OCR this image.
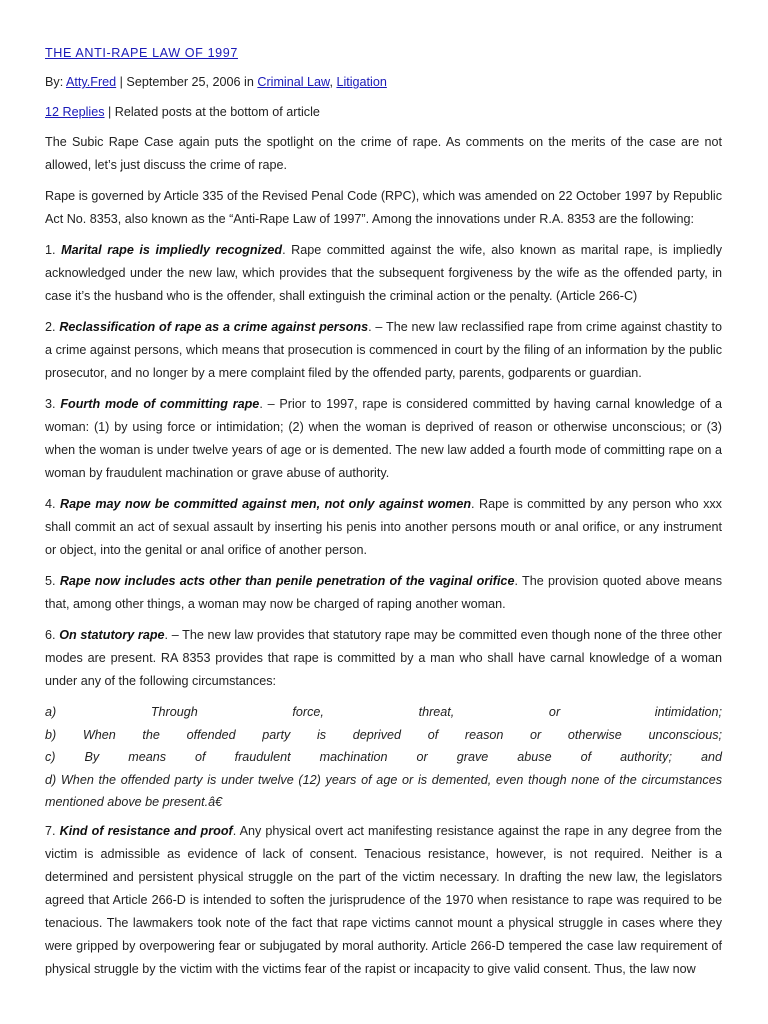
THE ANTI-RAPE LAW OF 1997

By: Atty.Fred | September 25, 2006 in Criminal Law, Litigation

12 Replies | Related posts at the bottom of article

The Subic Rape Case again puts the spotlight on the crime of rape. As comments on the merits of the case are not allowed, let’s just discuss the crime of rape.

Rape is governed by Article 335 of the Revised Penal Code (RPC), which was amended on 22 October 1997 by Republic Act No. 8353, also known as the “Anti-Rape Law of 1997”. Among the innovations under R.A. 8353 are the following:

1. Marital rape is impliedly recognized. Rape committed against the wife, also known as marital rape, is impliedly acknowledged under the new law, which provides that the subsequent forgiveness by the wife as the offended party, in case it’s the husband who is the offender, shall extinguish the criminal action or the penalty. (Article 266-C)

2. Reclassification of rape as a crime against persons. – The new law reclassified rape from crime against chastity to a crime against persons, which means that prosecution is commenced in court by the filing of an information by the public prosecutor, and no longer by a mere complaint filed by the offended party, parents, godparents or guardian.

3. Fourth mode of committing rape. – Prior to 1997, rape is considered committed by having carnal knowledge of a woman: (1) by using force or intimidation; (2) when the woman is deprived of reason or otherwise unconscious; or (3) when the woman is under twelve years of age or is demented. The new law added a fourth mode of committing rape on a woman by fraudulent machination or grave abuse of authority.

4. Rape may now be committed against men, not only against women. Rape is committed by any person who xxx shall commit an act of sexual assault by inserting his penis into another persons mouth or anal orifice, or any instrument or object, into the genital or anal orifice of another person.

5. Rape now includes acts other than penile penetration of the vaginal orifice. The provision quoted above means that, among other things, a woman may now be charged of raping another woman.

6. On statutory rape. – The new law provides that statutory rape may be committed even though none of the three other modes are present. RA 8353 provides that rape is committed by a man who shall have carnal knowledge of a woman under any of the following circumstances:

a) Through force, threat, or intimidation;
b) When the offended party is deprived of reason or otherwise unconscious;
c) By means of fraudulent machination or grave abuse of authority; and
d) When the offended party is under twelve (12) years of age or is demented, even though none of the circumstances mentioned above be present.â€

7. Kind of resistance and proof. Any physical overt act manifesting resistance against the rape in any degree from the victim is admissible as evidence of lack of consent. Tenacious resistance, however, is not required. Neither is a determined and persistent physical struggle on the part of the victim necessary. In drafting the new law, the legislators agreed that Article 266-D is intended to soften the jurisprudence of the 1970 when resistance to rape was required to be tenacious. The lawmakers took note of the fact that rape victims cannot mount a physical struggle in cases where they were gripped by overpowering fear or subjugated by moral authority. Article 266-D tempered the case law requirement of physical struggle by the victim with the victims fear of the rapist or incapacity to give valid consent. Thus, the law now
